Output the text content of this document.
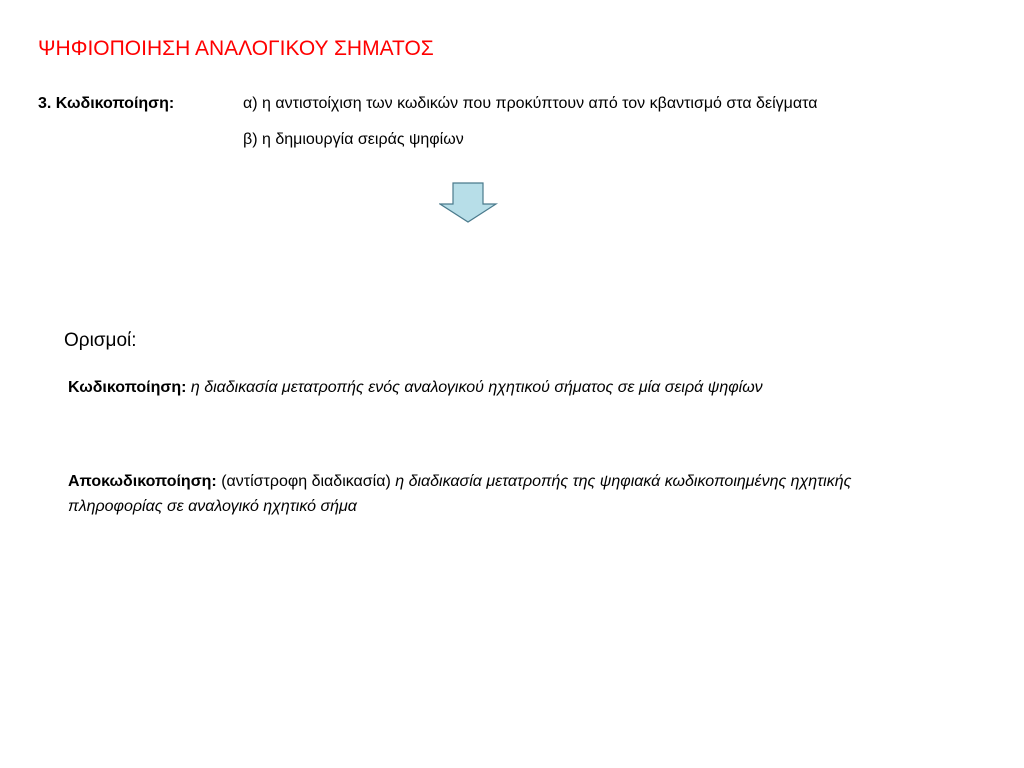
ΨΗΦΙΟΠΟΙΗΣΗ ΑΝΑΛΟΓΙΚΟΥ ΣΗΜΑΤΟΣ
3. Κωδικοποίηση:	α) η αντιστοίχιση των κωδικών που προκύπτουν από τον κβαντισμό στα δείγματα
β) η δημιουργία σειράς ψηφίων
Ορισμοί:
Κωδικοποίηση: η διαδικασία μετατροπής ενός αναλογικού ηχητικού σήματος σε μία σειρά ψηφίων
Αποκωδικοποίηση: (αντίστροφη διαδικασία) η διαδικασία μετατροπής της ψηφιακά κωδικοποιημένης ηχητικής πληροφορίας σε αναλογικό ηχητικό σήμα
